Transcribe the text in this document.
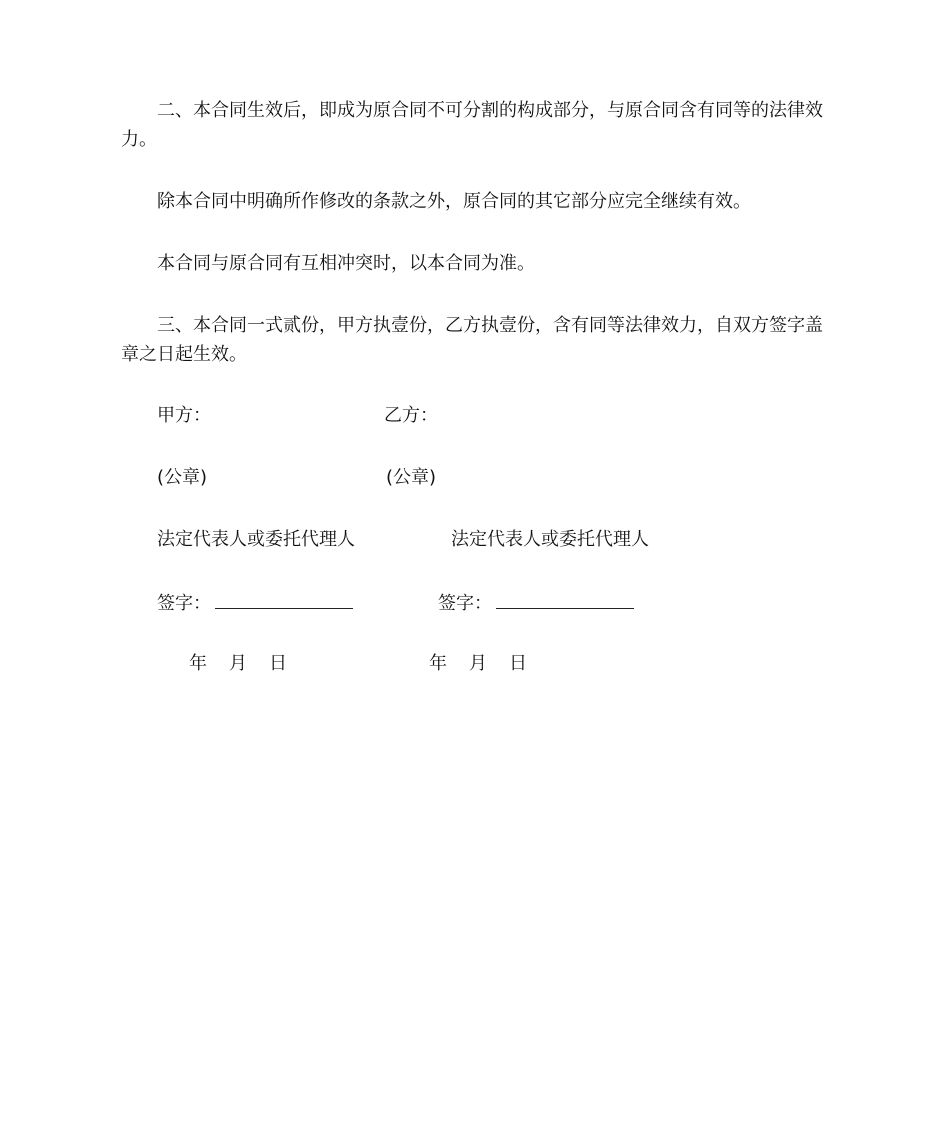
二、本合同生效后，即成为原合同不可分割的构成部分，与原合同含有同等的法律效力。

除本合同中明确所作修改的条款之外，原合同的其它部分应完全继续有效。

本合同与原合同有互相冲突时，以本合同为准。

三、本合同一式贰份，甲方执壹份，乙方执壹份，含有同等法律效力，自双方签字盖章之日起生效。

甲方：
(公章)
法定代表人或委托代理人
签字：
年 月 日
乙方：
(公章)
法定代表人或委托代理人
签字：
年 月 日
